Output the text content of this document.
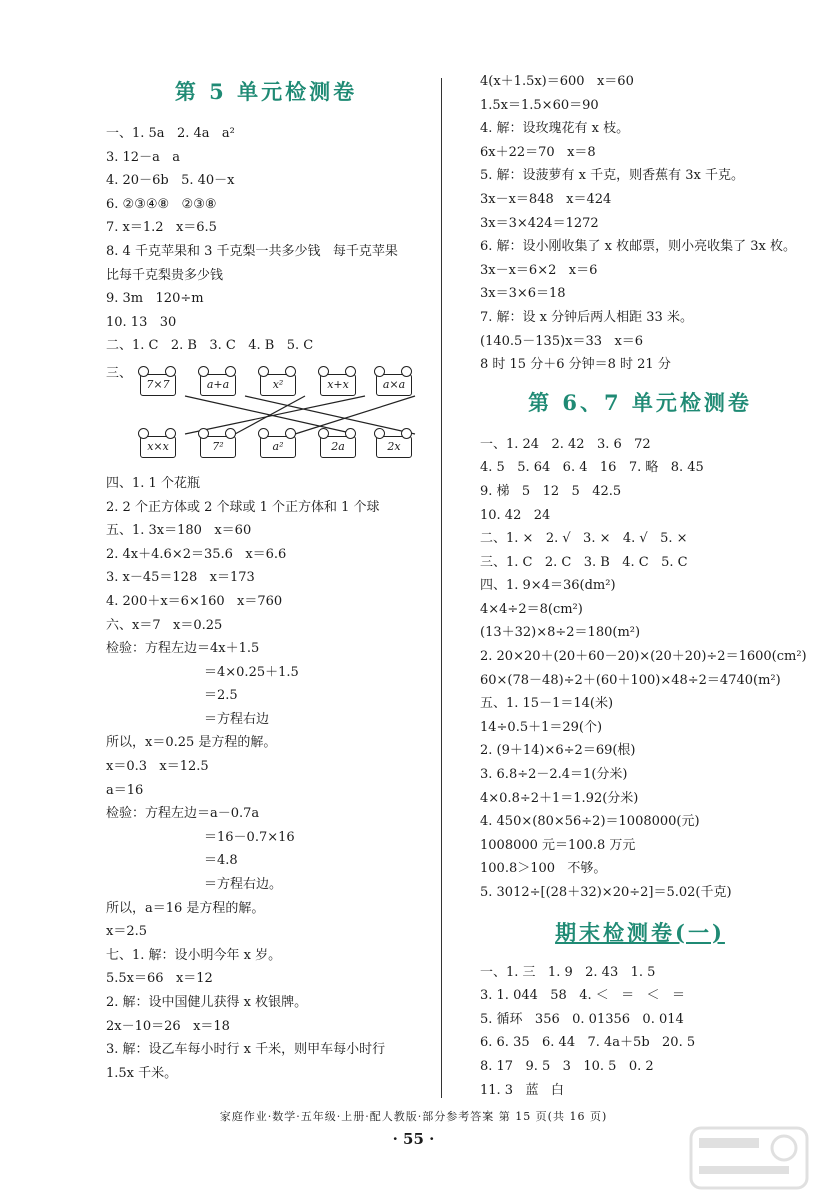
第 5 单元检测卷
一、1. 5a   2. 4a   a²
3. 12－a   a
4. 20－6b   5. 40－x
6. ②③④⑧   ②③⑧
7. x＝1.2   x＝6.5
8. 4 千克苹果和 3 千克梨一共多少钱   每千克苹果
比每千克梨贵多少钱
9. 3m   120÷m
10. 13   30
二、1. C   2. B   3. C   4. B   5. C
三、
7×7	a+a	x²	x+x	a×a
x×x	7²	a²	2a	2x
四、1. 1 个花瓶
2. 2 个正方体或 2 个球或 1 个正方体和 1 个球
五、1. 3x＝180   x＝60
2. 4x＋4.6×2＝35.6   x＝6.6
3. x－45＝128   x＝173
4. 200＋x＝6×160   x＝760
六、x＝7   x＝0.25
检验：方程左边＝4x＋1.5
＝4×0.25＋1.5
＝2.5
＝方程右边
所以，x＝0.25 是方程的解。
x＝0.3   x＝12.5
a＝16
检验：方程左边＝a－0.7a
＝16－0.7×16
＝4.8
＝方程右边。
所以，a＝16 是方程的解。
x＝2.5
七、1. 解：设小明今年 x 岁。
5.5x＝66   x＝12
2. 解：设中国健儿获得 x 枚银牌。
2x－10＝26   x＝18
3. 解：设乙车每小时行 x 千米，则甲车每小时行
1.5x 千米。
4(x＋1.5x)＝600   x＝60
1.5x＝1.5×60＝90
4. 解：设玫瑰花有 x 枝。
6x＋22＝70   x＝8
5. 解：设菠萝有 x 千克，则香蕉有 3x 千克。
3x－x＝848   x＝424
3x＝3×424＝1272
6. 解：设小刚收集了 x 枚邮票，则小亮收集了 3x 枚。
3x－x＝6×2   x＝6
3x＝3×6＝18
7. 解：设 x 分钟后两人相距 33 米。
(140.5－135)x＝33   x＝6
8 时 15 分＋6 分钟＝8 时 21 分
第 6、7 单元检测卷
一、1. 24   2. 42   3. 6   72
4. 5   5. 64   6. 4   16   7. 略   8. 45
9. 梯   5   12   5   42.5
10. 42   24
二、1. ×   2. √   3. ×   4. √   5. ×
三、1. C   2. C   3. B   4. C   5. C
四、1. 9×4＝36(dm²)
4×4÷2＝8(cm²)
(13＋32)×8÷2＝180(m²)
2. 20×20＋(20＋60－20)×(20＋20)÷2＝1600(cm²)
60×(78－48)÷2＋(60＋100)×48÷2＝4740(m²)
五、1. 15－1＝14(米)
14÷0.5＋1＝29(个)
2. (9＋14)×6÷2＝69(根)
3. 6.8÷2－2.4＝1(分米)
4×0.8÷2＋1＝1.92(分米)
4. 450×(80×56÷2)＝1008000(元)
1008000 元＝100.8 万元
100.8＞100   不够。
5. 3012÷[(28＋32)×20÷2]＝5.02(千克)
期末检测卷(一)
一、1. 三   1. 9   2. 43   1. 5
3. 1. 044   58   4. ＜   ＝   ＜   ＝
5. 循环   356   0. 01356   0. 014
6. 6. 35   6. 44   7. 4a＋5b   20. 5
8. 17   9. 5   3   10. 5   0. 2
11. 3   蓝   白
家庭作业·数学·五年级·上册·配人教版·部分参考答案 第 15 页(共 16 页)
· 55 ·
